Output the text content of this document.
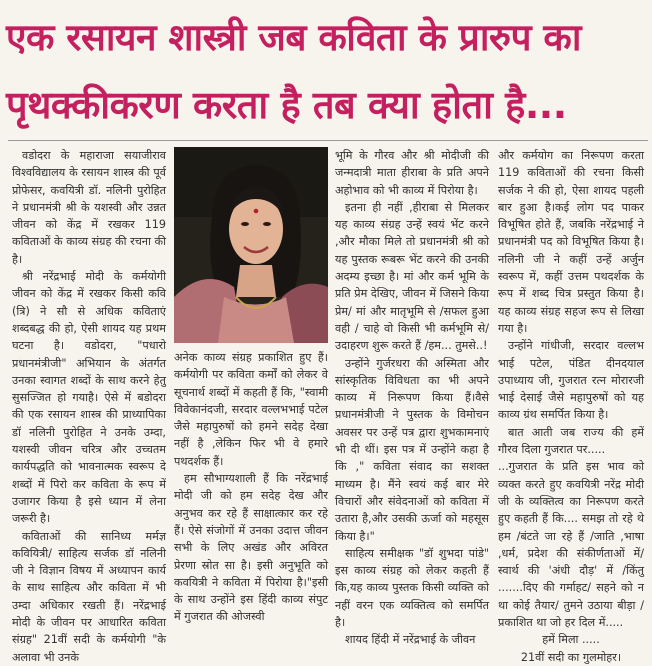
एक रसायन शास्त्री जब कविता के प्रारुप का
पृथक्कीकरण करता है तब क्या होता है...

वडोदरा के महाराजा सयाजीराव विश्वविद्यालय के रसायन शास्त्र की पूर्व प्रोफेसर, कवयित्री डॉ. नलिनी पुरोहित ने प्रधानमंत्री श्री के यशस्वी और उन्नत जीवन को केंद्र में रखकर 119 कविताओं के काव्य संग्रह की रचना की है।

श्री नरेंद्रभाई मोदी के कर्मयोगी जीवन को केंद्र में रखकर किसी कवि (त्रि) ने सौ से अधिक कविताएं शब्दबद्ध की हो, ऐसी शायद यह प्रथम घटना है। वडोदरा, "पधारो प्रधानमंत्रीजी" अभियान के अंतर्गत उनका स्वागत शब्दों के साथ करने हेतु सुसज्जित हो गयाहै। ऐसे में बडोदरा की एक रसायन शास्त्र की प्राध्यापिका डॉ नलिनी पुरोहित ने उनके उम्दा, यशस्वी जीवन चरित्र और उच्चतम कार्यपद्धति को भावनात्मक स्वरूप दे शब्दों में पिरो कर कविता के रूप में उजागर किया है इसे ध्यान में लेना जरूरी है।

कविताओं की सानिध्य मर्मज्ञ कवियित्री/ साहित्य सर्जक डॉ नलिनी जी ने विज्ञान विषय में अध्यापन कार्य के साथ साहित्य और कविता में भी उम्दा अधिकार रखती हैं। नरेंद्रभाई मोदी के जीवन पर आधारित कविता संग्रह" 21वीं सदी के कर्मयोगी "के अलावा भी उनके

अनेक काव्य संग्रह प्रकाशित हुए हैं। कर्मयोगी पर कविता कर्मों को लेकर वे सूचनार्थ शब्दों में कहती हैं कि, "स्वामी विवेकानंदजी, सरदार वल्लभभाई पटेल जैसे महापुरुषों को हमने सदेह देखा नहीं है ,लेकिन फिर भी वे हमारे पथदर्शक हैं।

हम सौभाग्यशाली हैं कि नरेंद्रभाई मोदी जी को हम सदेह देख और अनुभव कर रहे हैं साक्षात्कार कर रहे हैं। ऐसे संजोगों में उनका उदात्त जीवन सभी के लिए अखंड और अविरत प्रेरणा स्रोत सा है। इसी अनुभूति को कवयित्री ने कविता में पिरोया है।"इसी के साथ उन्होंने इस हिंदी काव्य संपुट में गुजरात की ओजस्वी

भूमि के गौरव और श्री मोदीजी की जन्मदात्री माता हीराबा के प्रति अपने अहोभाव को भी काव्य में पिरोया है।

इतना ही नहीं ,हीराबा से मिलकर यह काव्य संग्रह उन्हें स्वयं भेंट करने ,और मौका मिले तो प्रधानमंत्री श्री को यह पुस्तक रूबरू भेंट करने की उनकी अदम्य इच्छा है। मां और कर्म भूमि के प्रति प्रेम देखिए, जीवन में जिसने किया प्रेम/ मां और मातृभूमि से /सफल हुआ वही / चाहे वो किसी भी कर्मभूमि से/ उदाहरण शुरू करते हैं /हम... तुमसे..!

उन्होंने गुर्जरधरा की अस्मिता और सांस्कृतिक विविधता का भी अपने काव्य में निरूपण किया हैं।वैसे प्रधानमंत्रीजी ने पुस्तक के विमोचन अवसर पर उन्हें पत्र द्वारा शुभकामनाएं भी दी थीं। इस पत्र में उन्होंने कहा है कि ," कविता संवाद का सशक्त माध्यम है। मैंने स्वयं कई बार मेरे विचारों और संवेदनाओं को कविता में उतारा है,और उसकी ऊर्जा को महसूस किया है।"

साहित्य समीक्षक "डॉ शुभदा पांडे" इस काव्य संग्रह को लेकर कहती हैं कि,यह काव्य पुस्तक किसी व्यक्ति को नहीं वरन एक व्यक्तित्व को समर्पित है।

शायद हिंदी में नरेंद्रभाई के जीवन

और कर्मयोग का निरूपण करता 119 कविताओं की रचना किसी सर्जक ने की हो, ऐसा शायद पहली बार हुआ है।कई लोग पद पाकर विभूषित होते हैं, जबकि नरेंद्रभाई ने प्रधानमंत्री पद को विभूषित किया है। नलिनी जी ने कहीं उन्हें अर्जुन स्वरूप में, कहीं उत्तम पथदर्शक के रूप में शब्द चित्र प्रस्तुत किया है। यह काव्य संग्रह सहज रूप से लिखा गया है।

उन्होंने गांधीजी, सरदार वल्लभ भाई पटेल, पंडित दीनदयाल उपाध्याय जी, गुजरात रत्न मोरारजी भाई देसाई जैसे महापुरुषों को यह काव्य ग्रंथ समर्पित किया है।

बात आती जब राज्य की हमें गौरव दिला गुजरात पर.....

...गुजरात के प्रति इस भाव को व्यक्त करते हुए कवयित्री नरेंद्र मोदी जी के व्यक्तित्व का निरूपण करते हुए कहती हैं कि.... समझ तो रहे थे हम /बंटते जा रहे हैं /जाति ,भाषा ,धर्म, प्रदेश की संकीर्णताओं में/ स्वार्थ की 'अंधी दौड़' में /किंतु .......दिए की गर्माहट/ सहने को न था कोई तैयार/ तुमने उठाया बीड़ा /प्रकाशित था जो हर दिल में.....

हमें मिला .....

21वीं सदी का गुलमोहर।
